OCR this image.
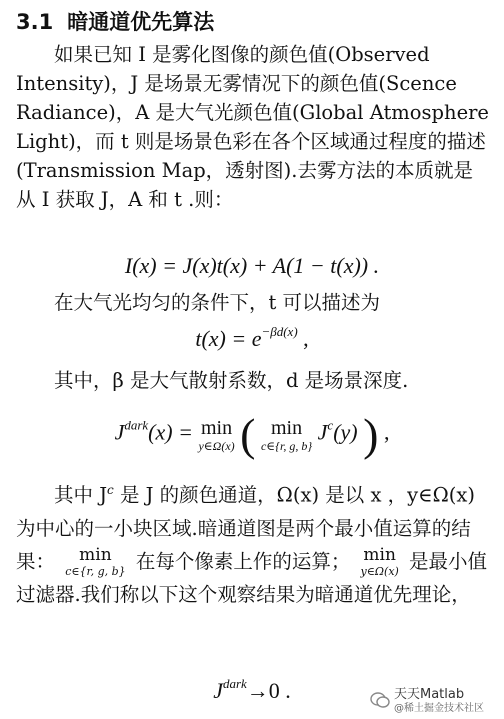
3.1 暗通道优先算法
如果已知 I 是雾化图像的颜色值(Observed Intensity)，J 是场景无雾情况下的颜色值(Scence Radiance)，A 是大气光颜色值(Global Atmosphere Light)，而 t 则是场景色彩在各个区域通过程度的描述(Transmission Map，透射图).去雾方法的本质就是从 I 获取 J，A 和 t .则：
I(x) = J(x)t(x) + A(1 − t(x)) .
在大气光均匀的条件下，t 可以描述为
$t(x) = e^{-\beta d(x)}$ ,
其中，β 是大气散射系数，d 是场景深度.
$J^{dark}(x) = \min$
y∈Ω(x) ( min
c∈{r, g, b}
$J^c(y)$ ) ,
其中 $J^c$ 是 J 的颜色通道，Ω(x) 是以 x ，y∈Ω(x) 为中心的一小块区域.暗通道图是两个最小值运算的结果：	min
c∈{r, g, b} 在每个像素上作的运算； min
y∈Ω(x) 是最小值过滤器.我们称以下这个观察结果为暗通道优先理论，
$J^{dark}\to 0$ .	天天Matlab
@稀土掘金技术社区
